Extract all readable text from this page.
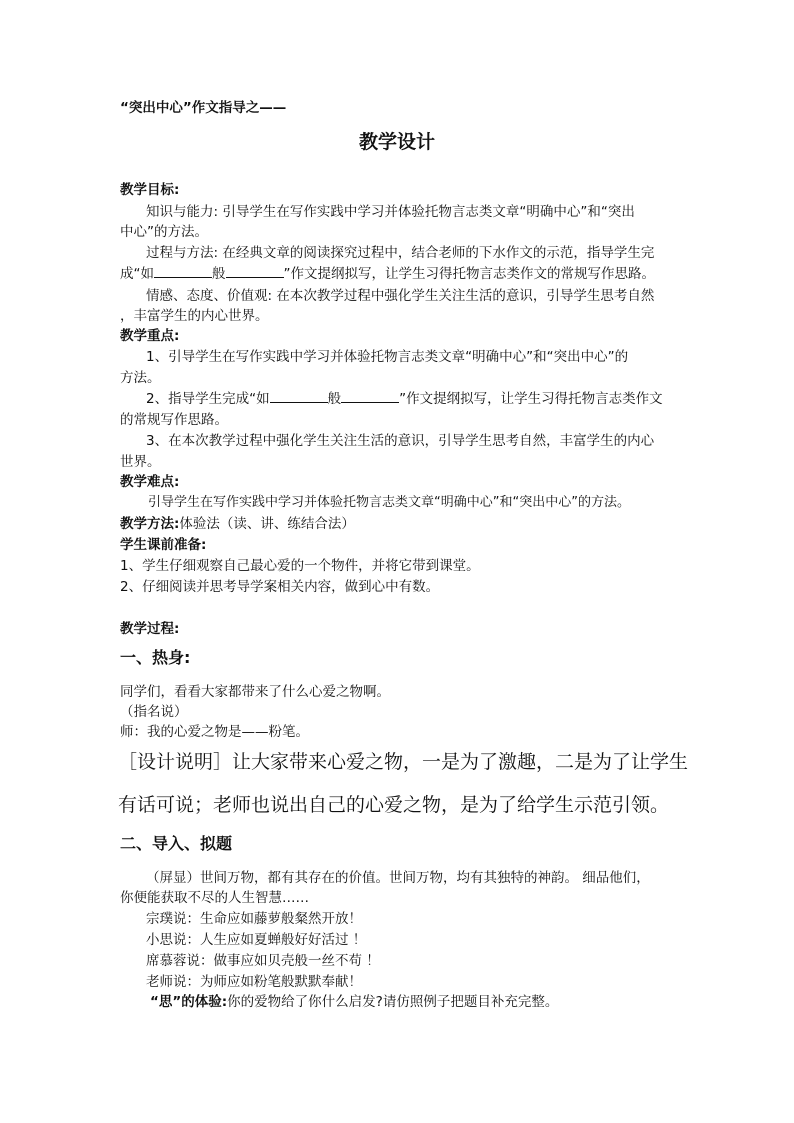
“突出中心”作文指导之——
教学设计
教学目标:
知识与能力: 引导学生在写作实践中学习并体验托物言志类文章“明确中心”和“突出
中心”的方法。
过程与方法: 在经典文章的阅读探究过程中，结合老师的下水作文的示范，指导学生完
成“如	般	”作文提纲拟写，让学生习得托物言志类作文的常规写作思路。
情感、态度、价值观: 在本次教学过程中强化学生关注生活的意识，引导学生思考自然
，丰富学生的内心世界。
教学重点:
1、引导学生在写作实践中学习并体验托物言志类文章“明确中心”和“突出中心”的
方法。
2、指导学生完成“如	般	”作文提纲拟写，让学生习得托物言志类作文
的常规写作思路。
3、在本次教学过程中强化学生关注生活的意识，引导学生思考自然，丰富学生的内心
世界。
教学难点:
引导学生在写作实践中学习并体验托物言志类文章“明确中心”和“突出中心”的方法。
教学方法:体验法（读、讲、练结合法）
学生课前准备:
1、学生仔细观察自己最心爱的一个物件，并将它带到课堂。
2、仔细阅读并思考导学案相关内容，做到心中有数。
教学过程:
一、热身:
同学们，看看大家都带来了什么心爱之物啊。
（指名说）
师：我的心爱之物是——粉笔。
［设计说明］让大家带来心爱之物，一是为了激趣，二是为了让学生
有话可说；老师也说出自己的心爱之物，是为了给学生示范引领。
二、导入、拟题
（屏显）世间万物，都有其存在的价值。世间万物，均有其独特的神韵。 细品他们，
你便能获取不尽的人生智慧……
宗璞说：生命应如藤萝般粲然开放！
小思说：人生应如夏蝉般好好活过 ！
席慕蓉说：做事应如贝壳般一丝不苟 ！
老师说：为师应如粉笔般默默奉献！
“思”的体验:你的爱物给了你什么启发?请仿照例子把题目补充完整。
